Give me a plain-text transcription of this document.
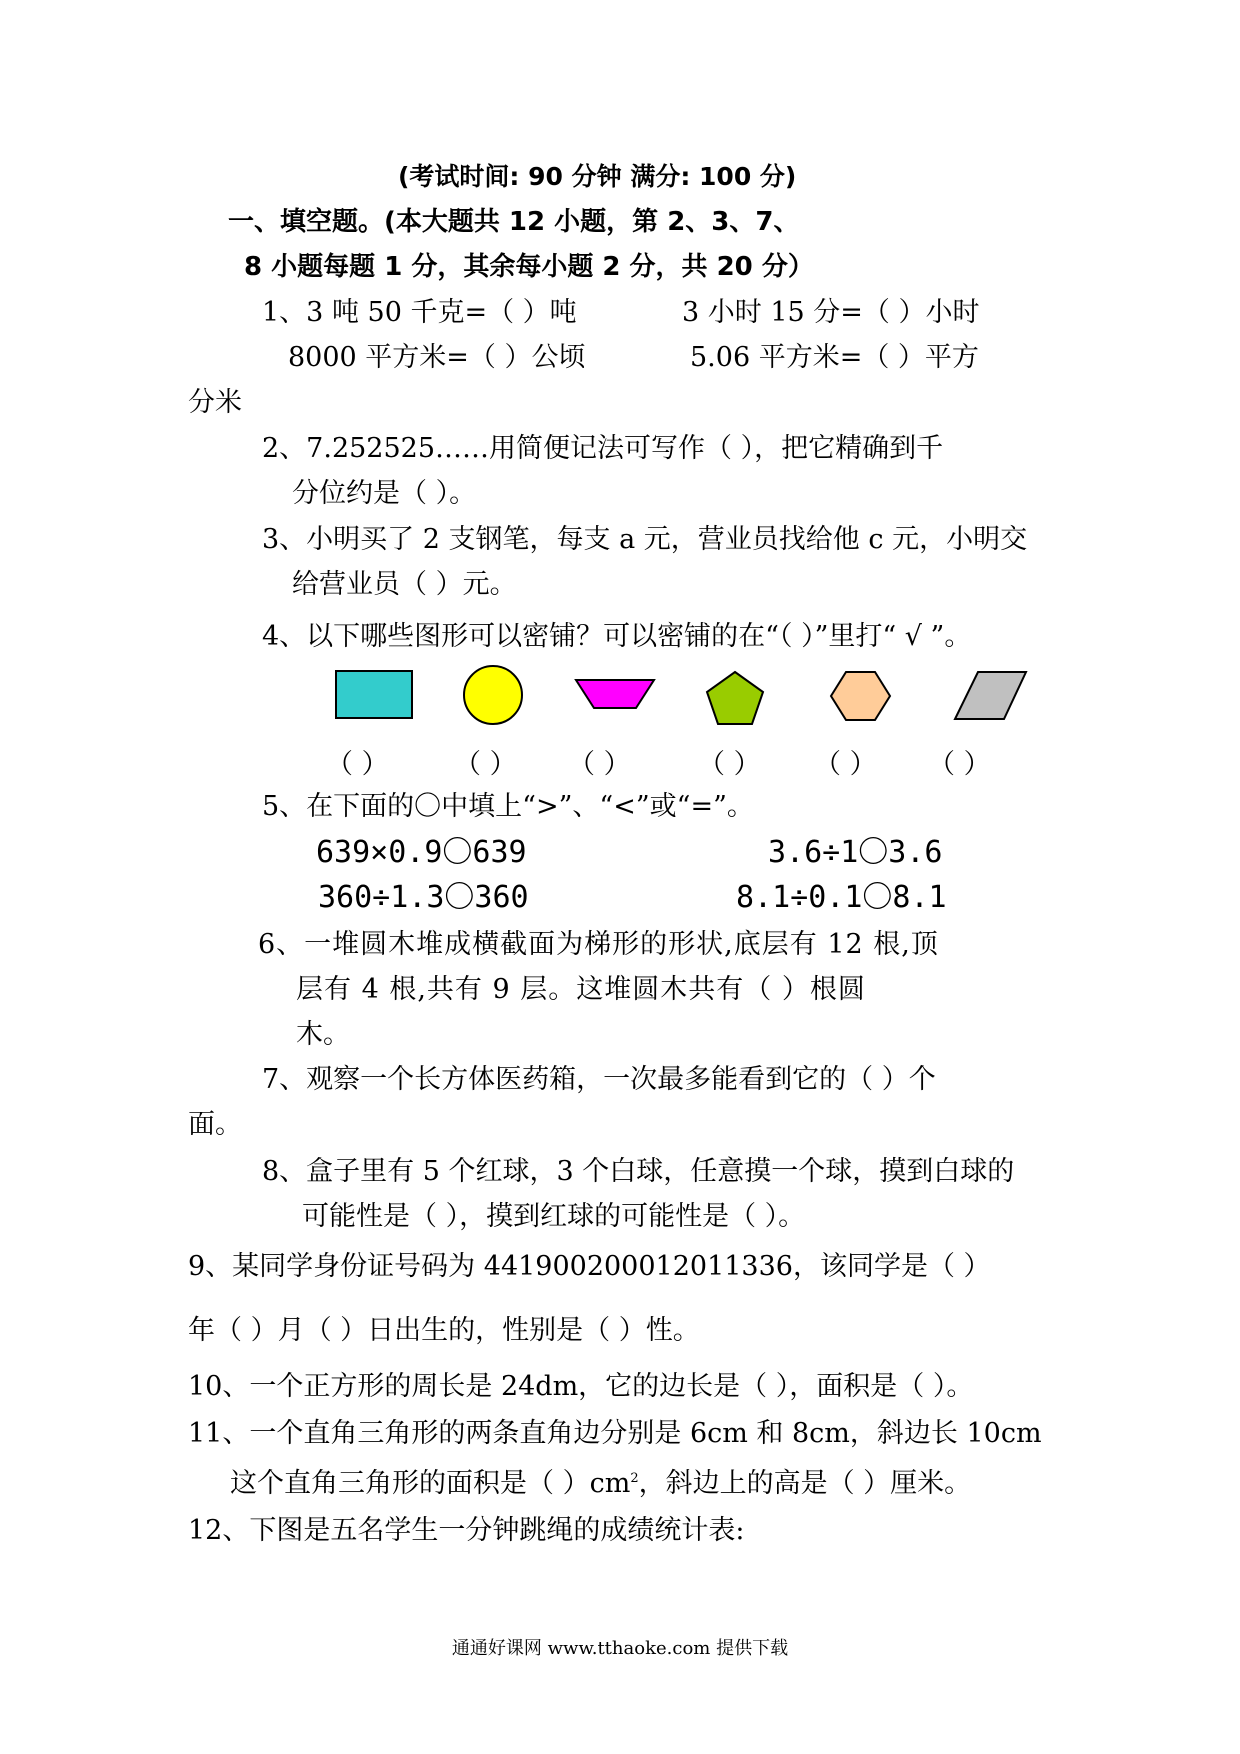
(考试时间: 90 分钟 满分: 100 分)
一、填空题。(本大题共 12 小题，第 2、3、7、
8 小题每题 1 分，其余每小题 2 分，共 20 分）
1、3 吨 50 千克=（ ）吨	3 小时 15 分=（ ）小时
8000 平方米=（ ）公顷	5.06 平方米=（ ）平方
分米
2、7.252525……用简便记法可写作（ ），把它精确到千
分位约是（ ）。
3、小明买了 2 支钢笔，每支 a 元，营业员找给他 c 元，小明交
给营业员（ ）元。
4、以下哪些图形可以密铺？可以密铺的在“（ ）”里打“ √ ”。
（ ） （ ） （ ） （ ） （ ） （ ）
5、在下面的〇中填上“>”、“<”或“=”。
639×0.9〇639	3.6÷1〇3.6
360÷1.3〇360	8.1÷0.1〇8.1
6、一堆圆木堆成横截面为梯形的形状,底层有 12 根,顶
层有 4 根,共有 9 层。这堆圆木共有（ ）根圆
木。
7、观察一个长方体医药箱，一次最多能看到它的（ ）个
面。
8、盒子里有 5 个红球，3 个白球，任意摸一个球，摸到白球的
可能性是（ ），摸到红球的可能性是（ ）。
9、某同学身份证号码为 441900200012011336，该同学是（ ）
年（ ）月（ ）日出生的，性别是（ ）性。
10、一个正方形的周长是 24dm，它的边长是（ ），面积是（ ）。
11、一个直角三角形的两条直角边分别是 6cm 和 8cm，斜边长 10cm
这个直角三角形的面积是（ ）$cm^2$，斜边上的高是（ ）厘米。
12、下图是五名学生一分钟跳绳的成绩统计表:
通通好课网 www.tthaoke.com 提供下载
